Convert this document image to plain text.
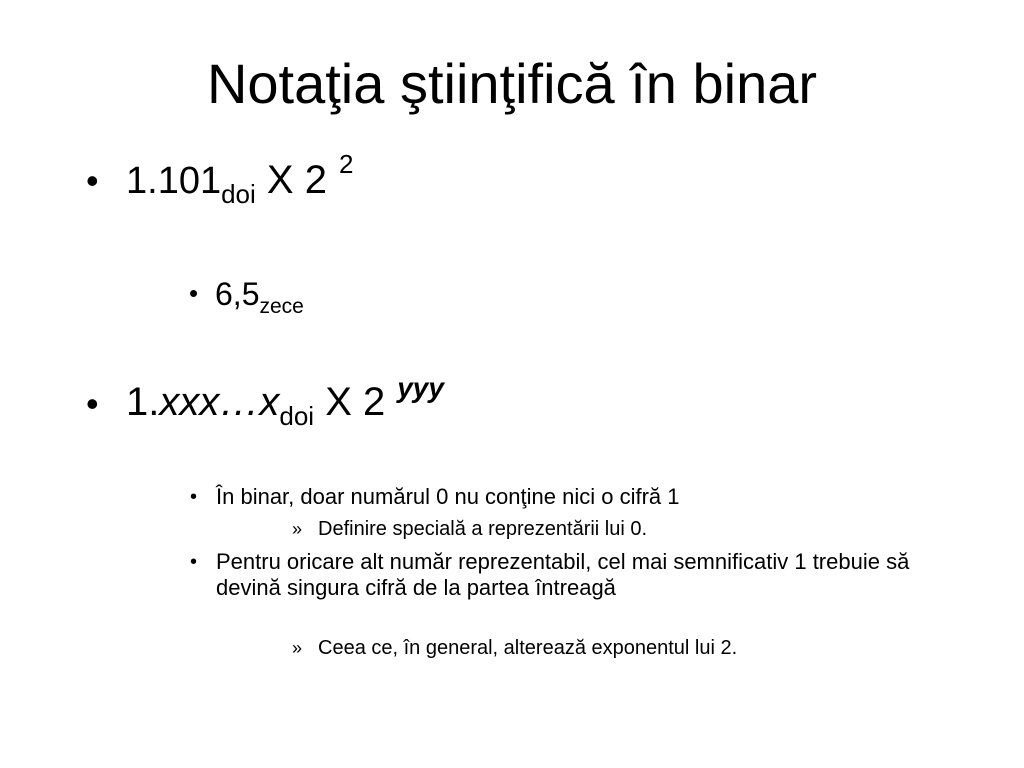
Notaţia ştiinţifică în binar
• $1.101_{doi}$ X 2 $^2$
• $6,5_{zece}$
• $1.xxx\dots x_{doi}$ X 2 $^{yyy}$
• În binar, doar numărul 0 nu conţine nici o cifră 1
» Definire specială a reprezentării lui 0.
• Pentru oricare alt număr reprezentabil, cel mai semnificativ 1 trebuie să devină singura cifră de la partea întreagă
» Ceea ce, în general, alterează exponentul lui 2.
